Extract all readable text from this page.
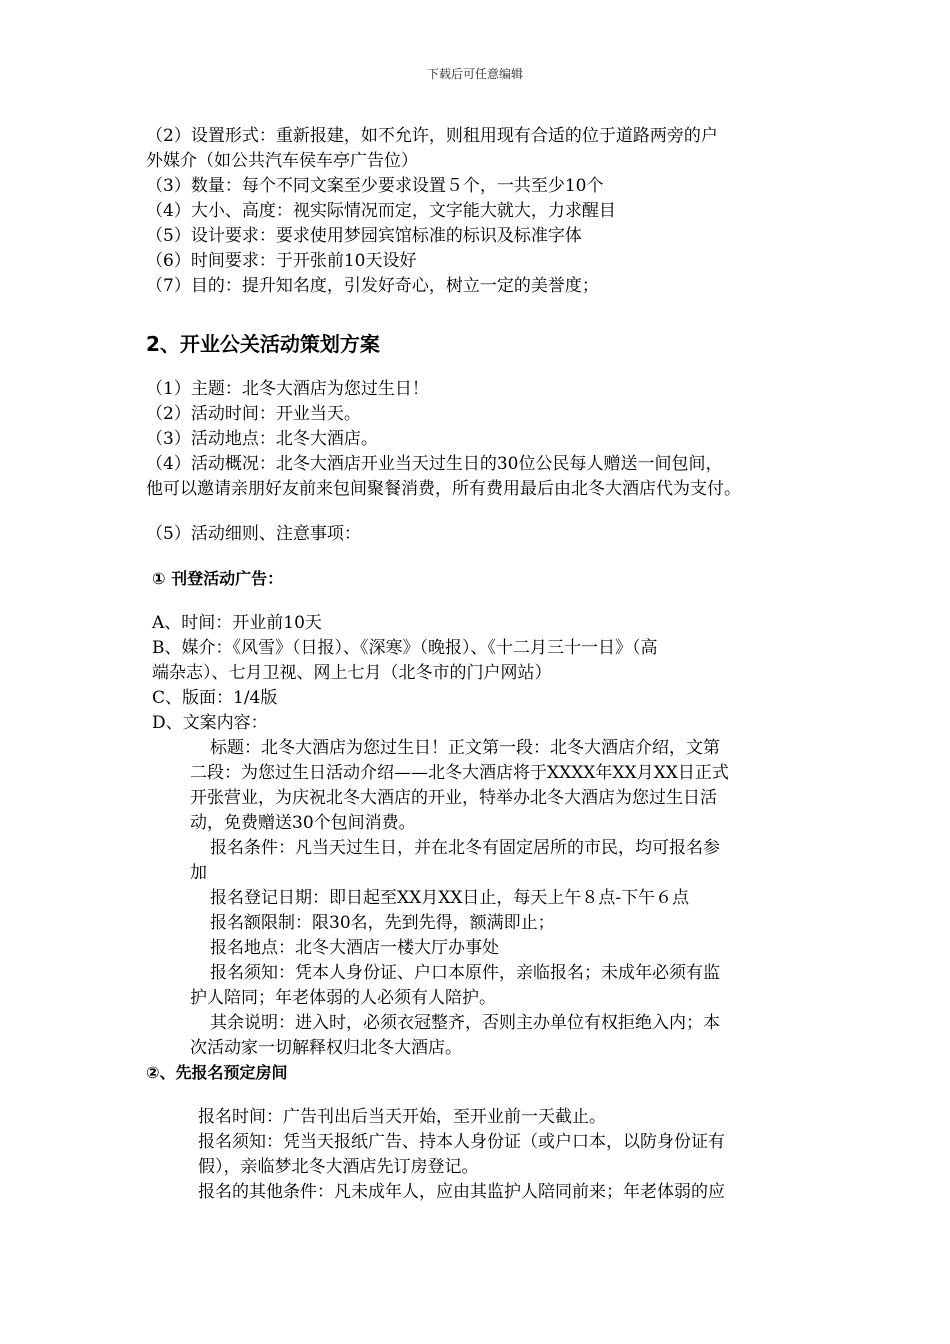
下载后可任意编辑
（2）设置形式：重新报建，如不允许，则租用现有合适的位于道路两旁的户
外媒介（如公共汽车侯车亭广告位）
（3）数量：每个不同文案至少要求设置５个，一共至少10个
（4）大小、高度：视实际情况而定，文字能大就大，力求醒目
（5）设计要求：要求使用梦园宾馆标准的标识及标准字体
（6）时间要求：于开张前10天设好
（7）目的：提升知名度，引发好奇心，树立一定的美誉度；
2、开业公关活动策划方案
（1）主题：北冬大酒店为您过生日！
（2）活动时间：开业当天。
（3）活动地点：北冬大酒店。
（4）活动概况：北冬大酒店开业当天过生日的30位公民每人赠送一间包间，
他可以邀请亲朋好友前来包间聚餐消费，所有费用最后由北冬大酒店代为支付。
（5）活动细则、注意事项：
① 刊登活动广告：
A、时间：开业前10天
B、媒介：《风雪》（日报）、《深寒》（晚报）、《十二月三十一日》（高
端杂志）、七月卫视、网上七月（北冬市的门户网站）
C、版面：1/4版
D、文案内容：
标题：北冬大酒店为您过生日！正文第一段：北冬大酒店介绍，文第
二段：为您过生日活动介绍——北冬大酒店将于XXXX年XX月XX日正式
开张营业，为庆祝北冬大酒店的开业，特举办北冬大酒店为您过生日活
动，免费赠送30个包间消费。
报名条件：凡当天过生日，并在北冬有固定居所的市民，均可报名参
加
报名登记日期：即日起至XX月XX日止，每天上午８点-下午６点
报名额限制：限30名，先到先得，额满即止；
报名地点：北冬大酒店一楼大厅办事处
报名须知：凭本人身份证、户口本原件，亲临报名；未成年必须有监
护人陪同；年老体弱的人必须有人陪护。
其余说明：进入时，必须衣冠整齐，否则主办单位有权拒绝入内；本
次活动家一切解释权归北冬大酒店。
②、先报名预定房间
报名时间：广告刊出后当天开始，至开业前一天截止。
报名须知：凭当天报纸广告、持本人身份证（或户口本，以防身份证有
假），亲临梦北冬大酒店先订房登记。
报名的其他条件：凡未成年人，应由其监护人陪同前来；年老体弱的应
